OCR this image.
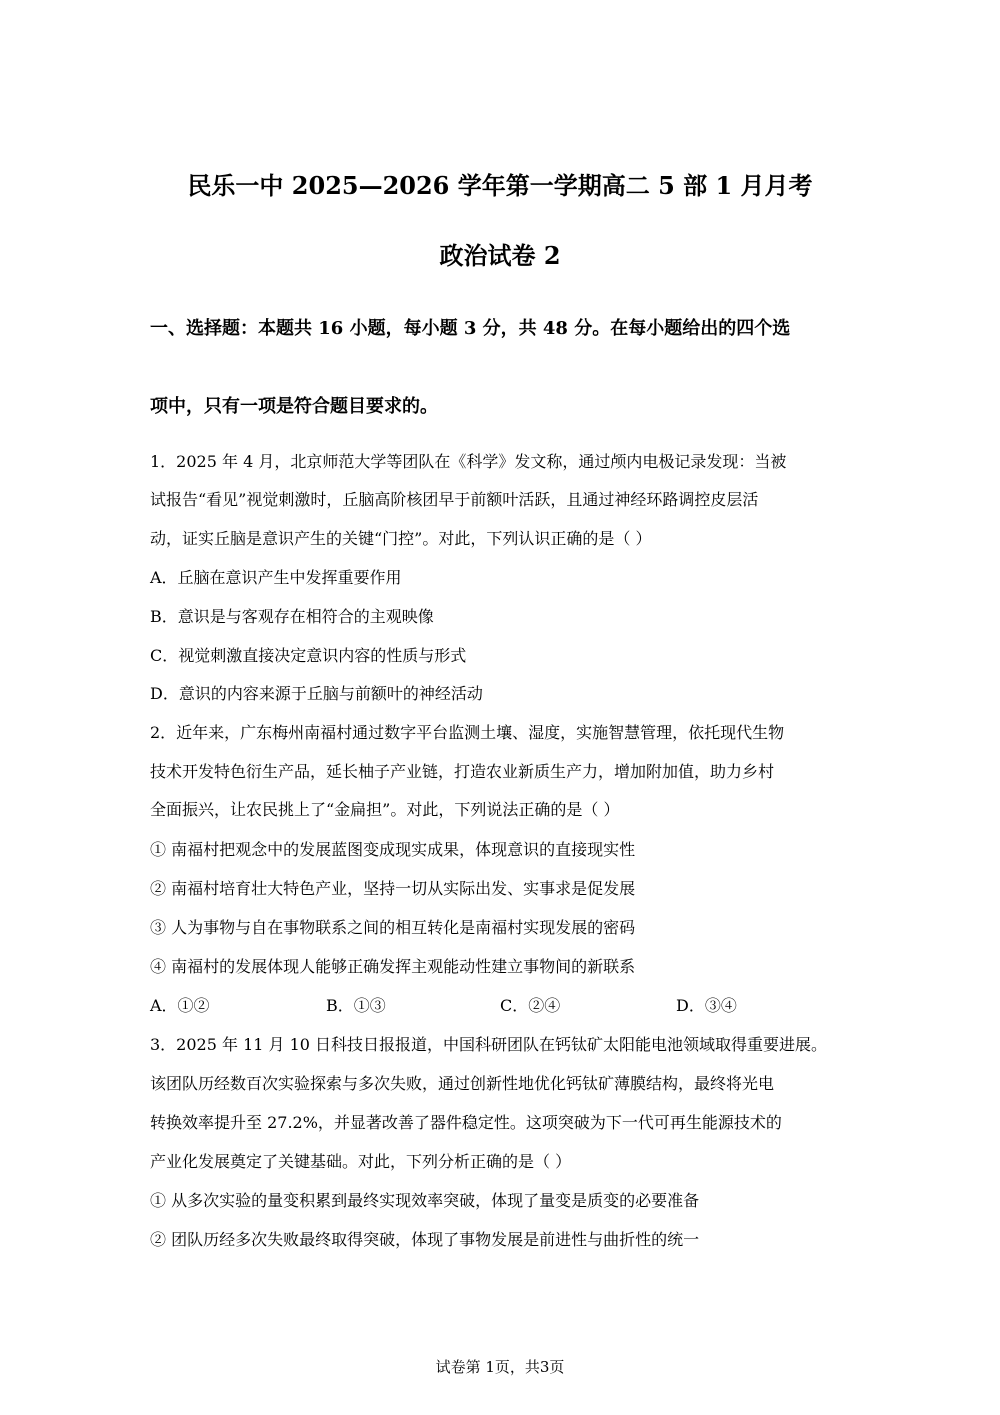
民乐一中 2025—2026 学年第一学期高二 5 部 1 月月考
政治试卷 2
一、选择题：本题共 16 小题，每小题 3 分，共 48 分。在每小题给出的四个选
项中，只有一项是符合题目要求的。
1．2025 年 4 月，北京师范大学等团队在《科学》发文称，通过颅内电极记录发现：当被
试报告“看见”视觉刺激时，丘脑高阶核团早于前额叶活跃，且通过神经环路调控皮层活
动，证实丘脑是意识产生的关键“门控”。对此，下列认识正确的是（ ）
A．丘脑在意识产生中发挥重要作用
B．意识是与客观存在相符合的主观映像
C．视觉刺激直接决定意识内容的性质与形式
D．意识的内容来源于丘脑与前额叶的神经活动
2．近年来，广东梅州南福村通过数字平台监测土壤、湿度，实施智慧管理，依托现代生物
技术开发特色衍生产品，延长柚子产业链，打造农业新质生产力，增加附加值，助力乡村
全面振兴，让农民挑上了“金扁担”。对此，下列说法正确的是（ ）
① 南福村把观念中的发展蓝图变成现实成果，体现意识的直接现实性
② 南福村培育壮大特色产业，坚持一切从实际出发、实事求是促发展
③ 人为事物与自在事物联系之间的相互转化是南福村实现发展的密码
④ 南福村的发展体现人能够正确发挥主观能动性建立事物间的新联系
A．①②	B．①③	C．②④	D．③④
3．2025 年 11 月 10 日科技日报报道，中国科研团队在钙钛矿太阳能电池领域取得重要进展。
该团队历经数百次实验探索与多次失败，通过创新性地优化钙钛矿薄膜结构，最终将光电
转换效率提升至 27.2%，并显著改善了器件稳定性。这项突破为下一代可再生能源技术的
产业化发展奠定了关键基础。对此，下列分析正确的是（ ）
① 从多次实验的量变积累到最终实现效率突破，体现了量变是质变的必要准备
② 团队历经多次失败最终取得突破，体现了事物发展是前进性与曲折性的统一
试卷第 1页，共3页
